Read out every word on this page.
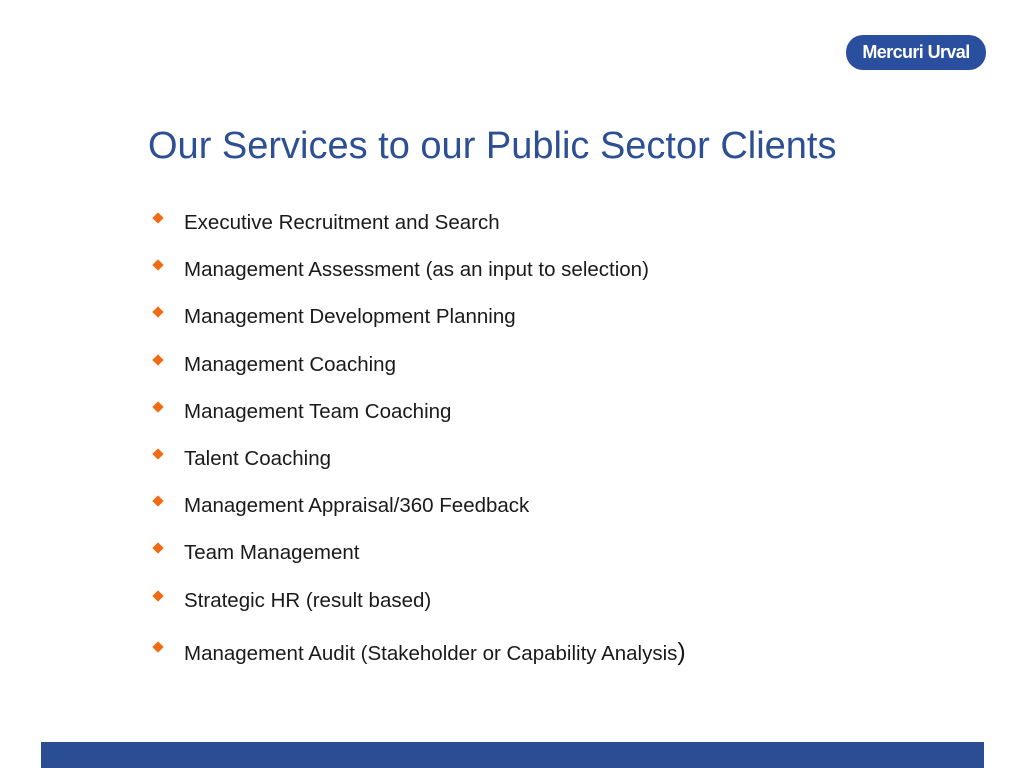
Mercuri Urval
Our Services to our Public Sector Clients
Executive Recruitment and Search
Management Assessment (as an input to selection)
Management Development Planning
Management Coaching
Management Team Coaching
Talent Coaching
Management Appraisal/360 Feedback
Team Management
Strategic HR (result based)
Management Audit (Stakeholder or Capability Analysis)
